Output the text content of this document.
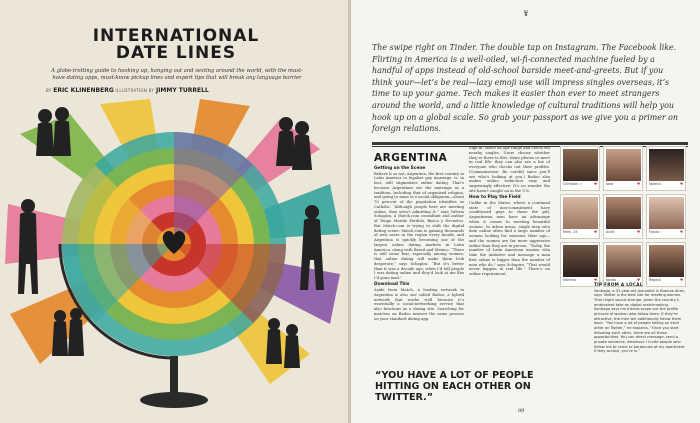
INTERNATIONAL
DATE LINES
A globe-trotting guide to hooking up, hanging out and sexting around the world, with the must-have dating apps, must-know pickup lines and expert tips that will break any language barrier
BY ERIC KLINENBERG ILLUSTRATION BY JIMMY TURRELL
¥
The swipe right on Tinder. The double tap on Instagram. The Facebook like. Flirting in America is a well-oiled, wi-fi-connected machine fueled by a handful of apps instead of old-school barside meet-and-greets. But if you think your—let’s be real—lazy emoji use will impress singles overseas, it’s time to up your game. Tech makes it easier than ever to meet strangers around the world, and a little knowledge of cultural traditions will help you hook up on a global scale. So grab your passport as we give you a primer on foreign relations.
ARGENTINA
Getting on the Scene

Believe it or not, Argentina, the first country in Latin America to legalize gay marriage, is, in fact, still stigmatizes online dating. That’s because Argentines see the marriage as a tradition, including that of organized religion, and going to mass is a social obligation—about 70 percent of the population identifies as Catholic. “Although people here are meeting online, they aren’t admitting it,” says Valeria Schapira, a Match.com consultant and author of Tengo Marido Perdido, Busco y Devuelvo. But Match.com is trying to shift the digital dating scene: Match.com is gaining thousands of new users in the region every month, and Argentina is quickly becoming one of the largest online dating markets in Latin America, along with Brazil and Mexico. “There is still some fear, especially among women, that online dating will make them look desperate,” says Schapira. “But it’s better than it was a decade ago, when I’d tell people I was dating online and they’d look at me like I’d gone mad.”

Download This

Aside from Match, a leading network in Argentina is also one called Badoo, a hybrid network that works well because it’s essentially a social-networking service that also functions as a dating site. Searching for matches on Badoo mirrors the same process on your standard dating app.

Sign in, select an age range and check out nearby singles. Users choose whether they’re there to flirt, share photos or meet in real life: they can also see a list of everyone who checks out their profiles. (Commonsense: Be careful since you’ll see who’s looking at you.) Badoo also makes online seduction easy and surprisingly effective: It’s no wonder the site hasn’t caught on in the U.S.

How to Play the Field

Unlike in the States, where a continual state of non-commitment have conditioned guys to chase the girl, Argentinean men have an advantage when it comes to meeting beautiful women. In urban areas, single men who date online often find a large number of women looking for someone their age—and the women are far more aggressive online than they are in person. “Today, the number of Latin American women who take the initiative and message a man first online is bigger than the number of men who do,” says Schapira. “That would never happen in real life.” There’s no online requirement.

“YOU HAVE A LOT OF PEOPLE HITTING ON EACH OTHER ON TWITTER.”
89
Christian ✓	♥	Iana	♥	Valeria	♥
Mimi, 25	♥	Aneli	♥	Flavia	♥
Martina	♥	Nadia	♥	Regina	♥
TIP FROM A LOCAL

Santiago, a 32-year-old journalist in Buenos Aires, says Twitter is the best site for meeting women. That might sound strange, given the country’s ambivalent take on digital matchmaking. Santiago says his friends scope out the profile pictures of women who follow them. If they’re attractive, the men will additionally follow them back. “You have a lot of people hitting on each other on Twitter,” he explains. “Once you start following each other, there are all these opportunities. You can direct message, send a private sentence, whatever. I invite people who follow me to come to barbecues at my apartment if they accept, you’re in.”
